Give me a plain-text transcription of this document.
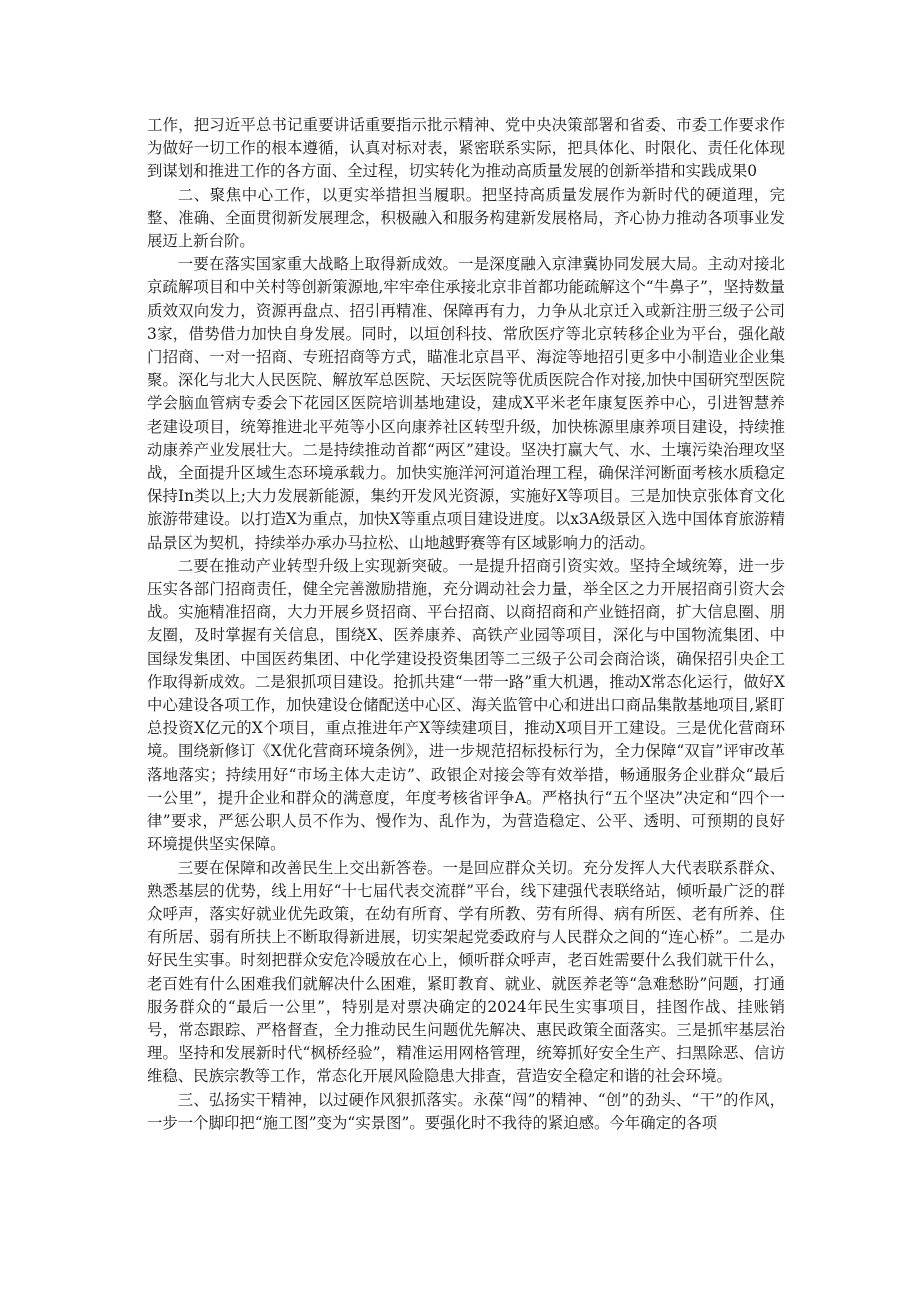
工作，把习近平总书记重要讲话重要指示批示精神、党中央决策部署和省委、市委工作要求作为做好一切工作的根本遵循，认真对标对表，紧密联系实际，把具体化、时限化、责任化体现到谋划和推进工作的各方面、全过程，切实转化为推动高质量发展的创新举措和实践成果0

二、聚焦中心工作，以更实举措担当履职。把坚持高质量发展作为新时代的硬道理，完整、准确、全面贯彻新发展理念，积极融入和服务构建新发展格局，齐心协力推动各项事业发展迈上新台阶。

一要在落实国家重大战略上取得新成效。一是深度融入京津冀协同发展大局。主动对接北京疏解项目和中关村等创新策源地,牢牢牵住承接北京非首都功能疏解这个“牛鼻子”，坚持数量质效双向发力，资源再盘点、招引再精准、保障再有力，力争从北京迁入或新注册三级子公司3家，借势借力加快自身发展。同时，以垣创科技、常欣医疗等北京转移企业为平台，强化敲门招商、一对一招商、专班招商等方式，瞄准北京昌平、海淀等地招引更多中小制造业企业集聚。深化与北大人民医院、解放军总医院、天坛医院等优质医院合作对接,加快中国研究型医院学会脑血管病专委会下花园区医院培训基地建设，建成X平米老年康复医养中心，引进智慧养老建设项目，统筹推进北平苑等小区向康养社区转型升级，加快栋源里康养项目建设，持续推动康养产业发展壮大。二是持续推动首都“两区”建设。坚决打赢大气、水、土壤污染治理攻坚战，全面提升区域生态环境承载力。加快实施洋河河道治理工程，确保洋河断面考核水质稳定保持In类以上;大力发展新能源，集约开发风光资源，实施好X等项目。三是加快京张体育文化旅游带建设。以打造X为重点，加快X等重点项目建设进度。以x3A级景区入选中国体育旅游精品景区为契机，持续举办承办马拉松、山地越野赛等有区域影响力的活动。

二要在推动产业转型升级上实现新突破。一是提升招商引资实效。坚持全域统筹，进一步压实各部门招商责任，健全完善激励措施，充分调动社会力量，举全区之力开展招商引资大会战。实施精准招商，大力开展乡贤招商、平台招商、以商招商和产业链招商，扩大信息圈、朋友圈，及时掌握有关信息，围绕X、医养康养、高铁产业园等项目，深化与中国物流集团、中国绿发集团、中国医药集团、中化学建设投资集团等二三级子公司会商洽谈，确保招引央企工作取得新成效。二是狠抓项目建设。抢抓共建“一带一路”重大机遇，推动X常态化运行，做好X中心建设各项工作，加快建设仓储配送中心区、海关监管中心和进出口商品集散基地项目,紧盯总投资X亿元的X个项目，重点推进年产X等续建项目，推动X项目开工建设。三是优化营商环境。围绕新修订《X优化营商环境条例》，进一步规范招标投标行为，全力保障“双盲”评审改革落地落实；持续用好“市场主体大走访”、政银企对接会等有效举措，畅通服务企业群众“最后一公里”，提升企业和群众的满意度，年度考核省评争A。严格执行“五个坚决”决定和“四个一律”要求，严惩公职人员不作为、慢作为、乱作为，为营造稳定、公平、透明、可预期的良好环境提供坚实保障。

三要在保障和改善民生上交出新答卷。一是回应群众关切。充分发挥人大代表联系群众、熟悉基层的优势，线上用好“十七届代表交流群”平台，线下建强代表联络站，倾听最广泛的群众呼声，落实好就业优先政策，在幼有所育、学有所教、劳有所得、病有所医、老有所养、住有所居、弱有所扶上不断取得新进展，切实架起党委政府与人民群众之间的“连心桥”。二是办好民生实事。时刻把群众安危冷暖放在心上，倾听群众呼声，老百姓需要什么我们就干什么，老百姓有什么困难我们就解决什么困难，紧盯教育、就业、就医养老等“急难愁盼”问题，打通服务群众的“最后一公里”，特别是对票决确定的2024年民生实事项目，挂图作战、挂账销号，常态跟踪、严格督查，全力推动民生问题优先解决、惠民政策全面落实。三是抓牢基层治理。坚持和发展新时代“枫桥经验”，精准运用网格管理，统筹抓好安全生产、扫黑除恶、信访维稳、民族宗教等工作，常态化开展风险隐患大排查，营造安全稳定和谐的社会环境。

三、弘扬实干精神，以过硬作风狠抓落实。永葆“闯”的精神、“创”的劲头、“干”的作风，一步一个脚印把“施工图”变为“实景图”。要强化时不我待的紧迫感。今年确定的各项
